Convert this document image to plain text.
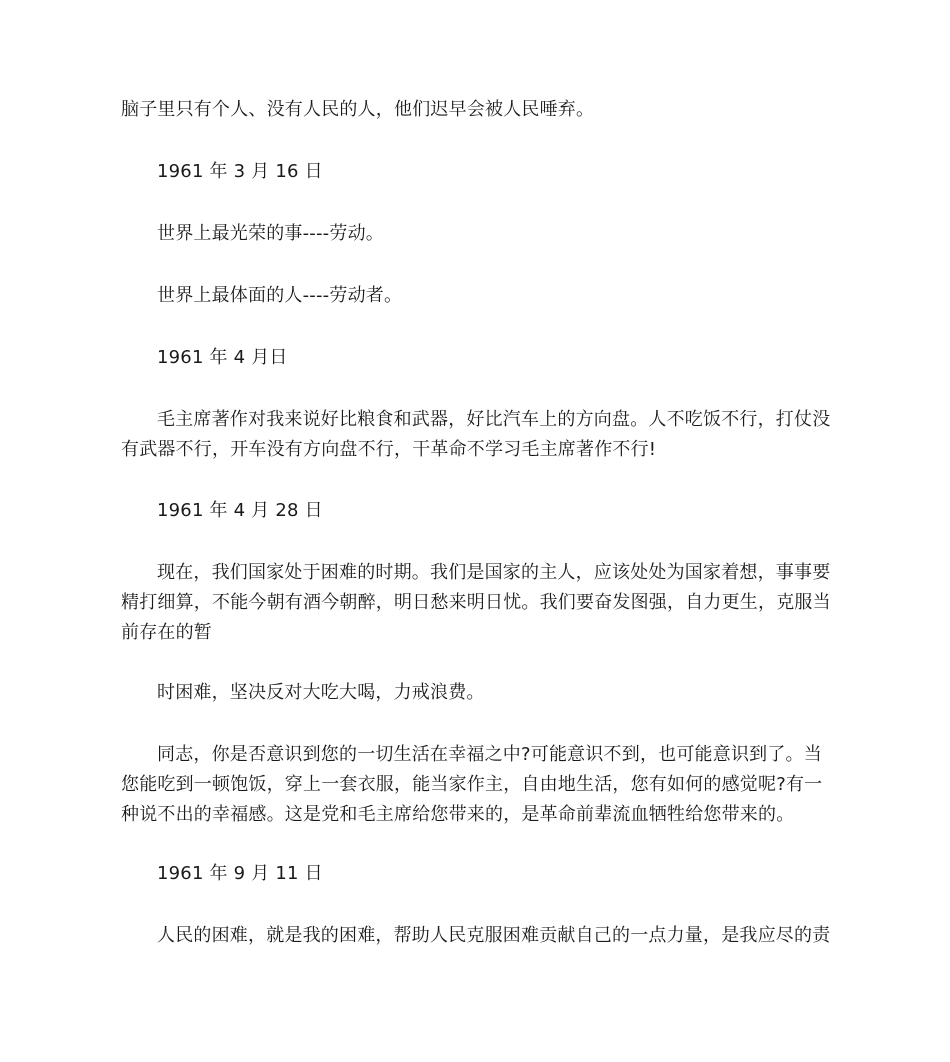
脑子里只有个人、没有人民的人，他们迟早会被人民唾弃。

1961 年 3 月 16 日

世界上最光荣的事----劳动。

世界上最体面的人----劳动者。

1961 年 4 月日

毛主席著作对我来说好比粮食和武器，好比汽车上的方向盘。人不吃饭不行，打仗没
有武器不行，开车没有方向盘不行，干革命不学习毛主席著作不行!

1961 年 4 月 28 日

现在，我们国家处于困难的时期。我们是国家的主人，应该处处为国家着想，事事要
精打细算，不能今朝有酒今朝醉，明日愁来明日忧。我们要奋发图强，自力更生，克服当
前存在的暂

时困难，坚决反对大吃大喝，力戒浪费。

同志，你是否意识到您的一切生活在幸福之中?可能意识不到，也可能意识到了。当
您能吃到一顿饱饭，穿上一套衣服，能当家作主，自由地生活，您有如何的感觉呢?有一
种说不出的幸福感。这是党和毛主席给您带来的，是革命前辈流血牺牲给您带来的。

1961 年 9 月 11 日

人民的困难，就是我的困难，帮助人民克服困难贡献自己的一点力量，是我应尽的责
